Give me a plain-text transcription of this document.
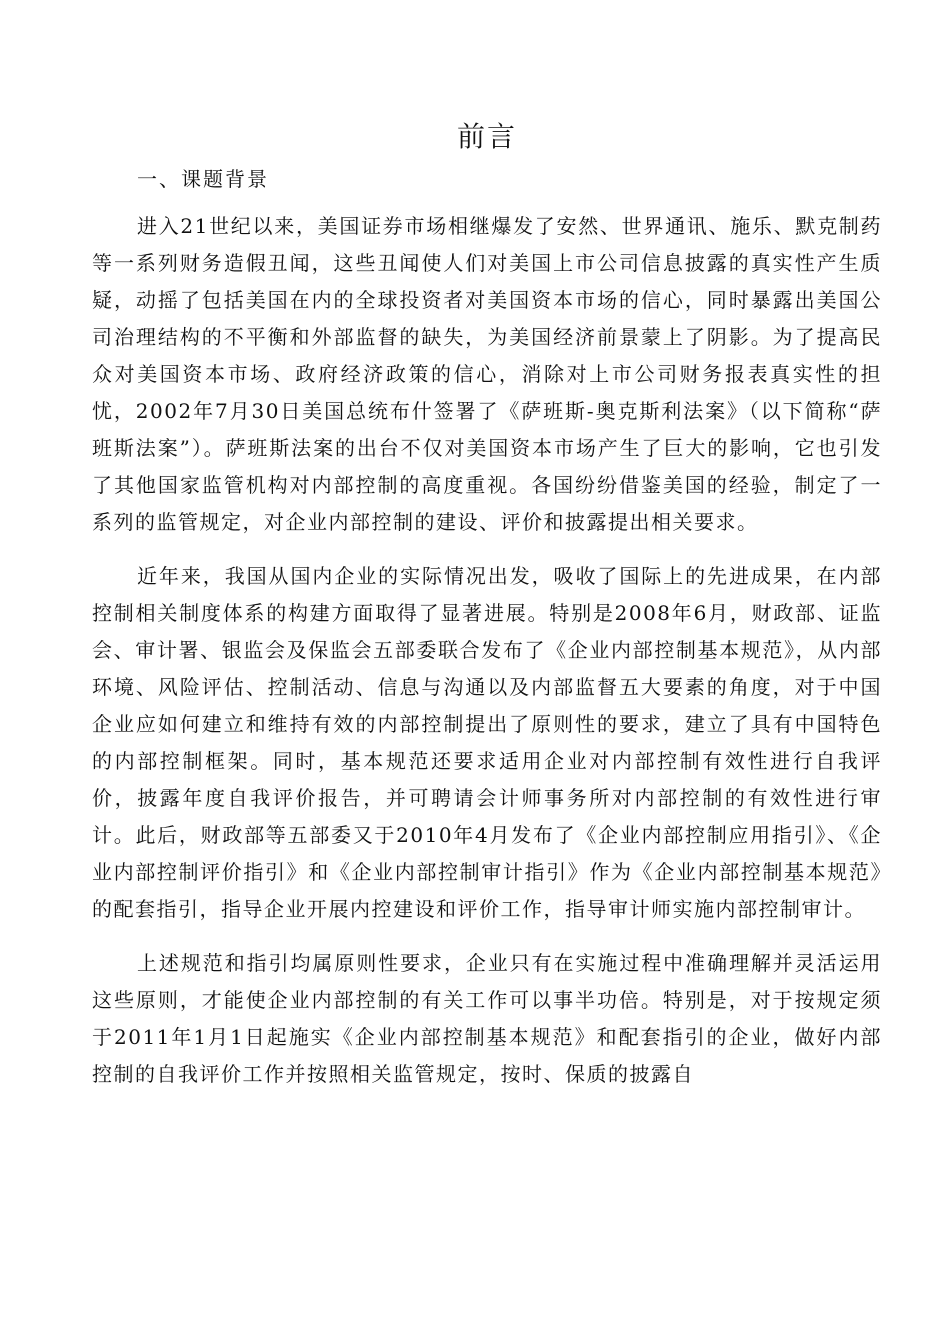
前言

一、课题背景

进入21世纪以来，美国证券市场相继爆发了安然、世界通讯、施乐、默克制药等一系列财务造假丑闻，这些丑闻使人们对美国上市公司信息披露的真实性产生质疑，动摇了包括美国在内的全球投资者对美国资本市场的信心，同时暴露出美国公司治理结构的不平衡和外部监督的缺失，为美国经济前景蒙上了阴影。为了提高民众对美国资本市场、政府经济政策的信心，消除对上市公司财务报表真实性的担忧，2002年7月30日美国总统布什签署了《萨班斯-奥克斯利法案》（以下简称“萨班斯法案”）。萨班斯法案的出台不仅对美国资本市场产生了巨大的影响，它也引发了其他国家监管机构对内部控制的高度重视。各国纷纷借鉴美国的经验，制定了一系列的监管规定，对企业内部控制的建设、评价和披露提出相关要求。

近年来，我国从国内企业的实际情况出发，吸收了国际上的先进成果，在内部控制相关制度体系的构建方面取得了显著进展。特别是2008年6月，财政部、证监会、审计署、银监会及保监会五部委联合发布了《企业内部控制基本规范》，从内部环境、风险评估、控制活动、信息与沟通以及内部监督五大要素的角度，对于中国企业应如何建立和维持有效的内部控制提出了原则性的要求，建立了具有中国特色的内部控制框架。同时，基本规范还要求适用企业对内部控制有效性进行自我评价，披露年度自我评价报告，并可聘请会计师事务所对内部控制的有效性进行审计。此后，财政部等五部委又于2010年4月发布了《企业内部控制应用指引》、《企业内部控制评价指引》和《企业内部控制审计指引》作为《企业内部控制基本规范》的配套指引，指导企业开展内控建设和评价工作，指导审计师实施内部控制审计。

上述规范和指引均属原则性要求，企业只有在实施过程中准确理解并灵活运用这些原则，才能使企业内部控制的有关工作可以事半功倍。特别是，对于按规定须于2011年1月1日起施实《企业内部控制基本规范》和配套指引的企业，做好内部控制的自我评价工作并按照相关监管规定，按时、保质的披露自
